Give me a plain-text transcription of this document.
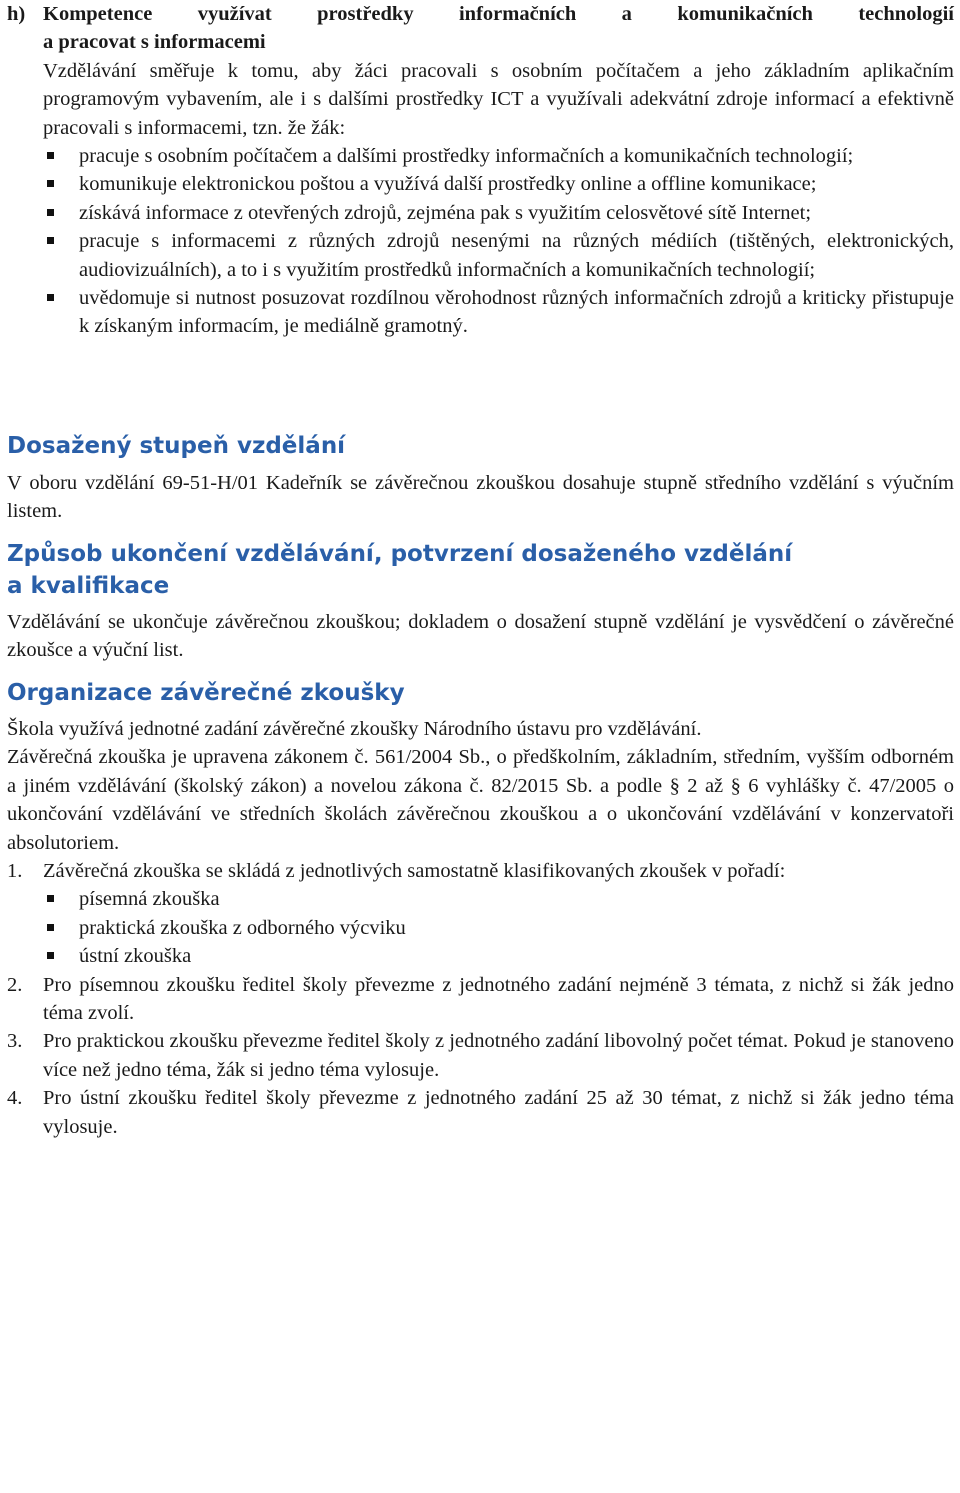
h) Kompetence využívat prostředky informačních a komunikačních technologií
a pracovat s informacemi
Vzdělávání směřuje k tomu, aby žáci pracovali s osobním počítačem a jeho základním aplikačním programovým vybavením, ale i s dalšími prostředky ICT a využívali adekvátní zdroje informací a efektivně pracovali s informacemi, tzn. že žák:
pracuje s osobním počítačem a dalšími prostředky informačních a komunikačních technologií;
komunikuje elektronickou poštou a využívá další prostředky online a offline komunikace;
získává informace z otevřených zdrojů, zejména pak s využitím celosvětové sítě Internet;
pracuje s informacemi z různých zdrojů nesenými na různých médiích (tištěných, elektronických, audiovizuálních), a to i s využitím prostředků informačních a komunikačních technologií;
uvědomuje si nutnost posuzovat rozdílnou věrohodnost různých informačních zdrojů a kriticky přistupuje k získaným informacím, je mediálně gramotný.
Dosažený stupeň vzdělání
V oboru vzdělání 69-51-H/01 Kadeřník se závěrečnou zkouškou dosahuje stupně středního vzdělání s výučním listem.
Způsob ukončení vzdělávání, potvrzení dosaženého vzdělání
a kvalifikace
Vzdělávání se ukončuje závěrečnou zkouškou; dokladem o dosažení stupně vzdělání je vysvědčení o závěrečné zkoušce a výuční list.
Organizace závěrečné zkoušky
Škola využívá jednotné zadání závěrečné zkoušky Národního ústavu pro vzdělávání.
Závěrečná zkouška je upravena zákonem č. 561/2004 Sb., o předškolním, základním, středním, vyšším odborném a jiném vzdělávání (školský zákon) a novelou zákona č. 82/2015 Sb. a podle § 2 až § 6 vyhlášky č. 47/2005 o ukončování vzdělávání ve středních školách závěrečnou zkouškou a o ukončování vzdělávání v konzervatoři absolutoriem.
1. Závěrečná zkouška se skládá z jednotlivých samostatně klasifikovaných zkoušek v pořadí:
písemná zkouška
praktická zkouška z odborného výcviku
ústní zkouška
2. Pro písemnou zkoušku ředitel školy převezme z jednotného zadání nejméně 3 témata, z nichž si žák jedno téma zvolí.
3. Pro praktickou zkoušku převezme ředitel školy z jednotného zadání libovolný počet témat. Pokud je stanoveno více než jedno téma, žák si jedno téma vylosuje.
4. Pro ústní zkoušku ředitel školy převezme z jednotného zadání 25 až 30 témat, z nichž si žák jedno téma vylosuje.
